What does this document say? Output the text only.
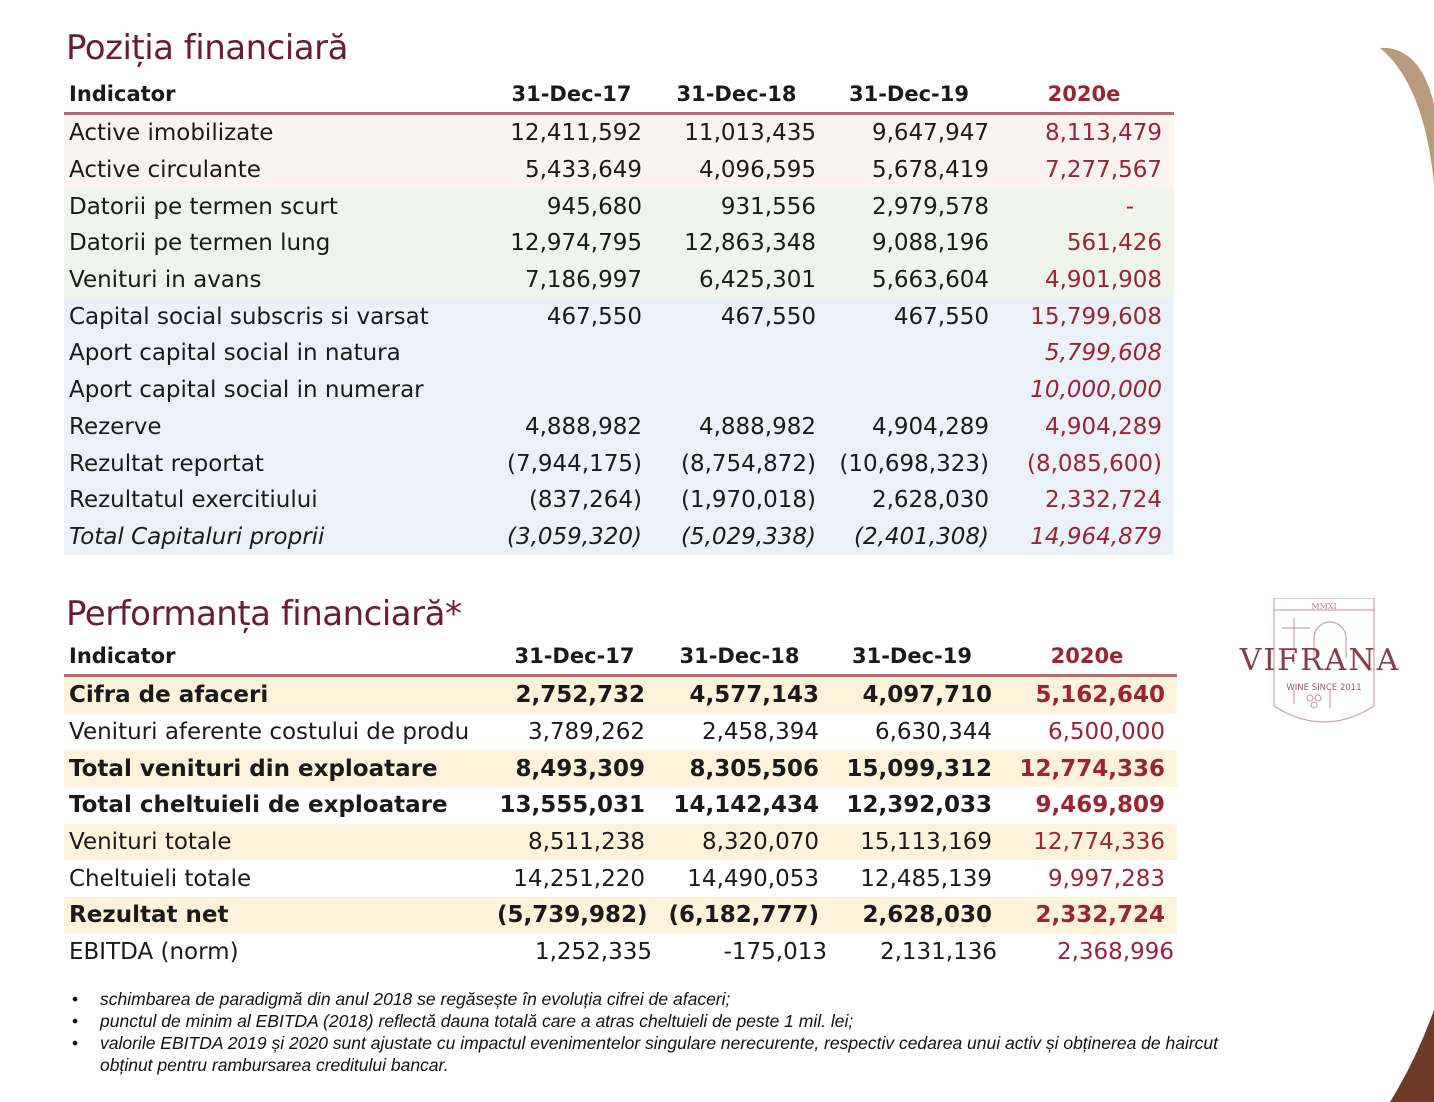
Poziția financiară
Indicator	31-Dec-17	31-Dec-18	31-Dec-19	2020e
Active imobilizate	12,411,592	11,013,435	9,647,947	8,113,479
Active circulante	5,433,649	4,096,595	5,678,419	7,277,567
Datorii pe termen scurt	945,680	931,556	2,979,578	-
Datorii pe termen lung	12,974,795	12,863,348	9,088,196	561,426
Venituri in avans	7,186,997	6,425,301	5,663,604	4,901,908
Capital social subscris si varsat	467,550	467,550	467,550	15,799,608
Aport capital social in natura				5,799,608
Aport capital social in numerar				10,000,000
Rezerve	4,888,982	4,888,982	4,904,289	4,904,289
Rezultat reportat	(7,944,175)	(8,754,872)	(10,698,323)	(8,085,600)
Rezultatul exercitiului	(837,264)	(1,970,018)	2,628,030	2,332,724
Total Capitaluri proprii	(3,059,320)	(5,029,338)	(2,401,308)	14,964,879
Performanța financiară*
Indicator	31-Dec-17	31-Dec-18	31-Dec-19	2020e
Cifra de afaceri	2,752,732	4,577,143	4,097,710	5,162,640
Venituri aferente costului de produ	3,789,262	2,458,394	6,630,344	6,500,000
Total venituri din exploatare	8,493,309	8,305,506	15,099,312	12,774,336
Total cheltuieli de exploatare	13,555,031	14,142,434	12,392,033	9,469,809
Venituri totale	8,511,238	8,320,070	15,113,169	12,774,336
Cheltuieli totale	14,251,220	14,490,053	12,485,139	9,997,283
Rezultat net	(5,739,982)	(6,182,777)	2,628,030	2,332,724
EBITDA (norm)	1,252,335	-175,013	2,131,136	2,368,996
• schimbarea de paradigmă din anul 2018 se regăsește în evoluția cifrei de afaceri;
• punctul de minim al EBITDA (2018) reflectă dauna totală care a atras cheltuieli de peste 1 mil. lei;
• valorile EBITDA 2019 și 2020 sunt ajustate cu impactul evenimentelor singulare nerecurente, respectiv cedarea unui activ și obținerea de haircut obținut pentru rambursarea creditului bancar.
MMXI
VIFRANA
WINE SINCE 2011
